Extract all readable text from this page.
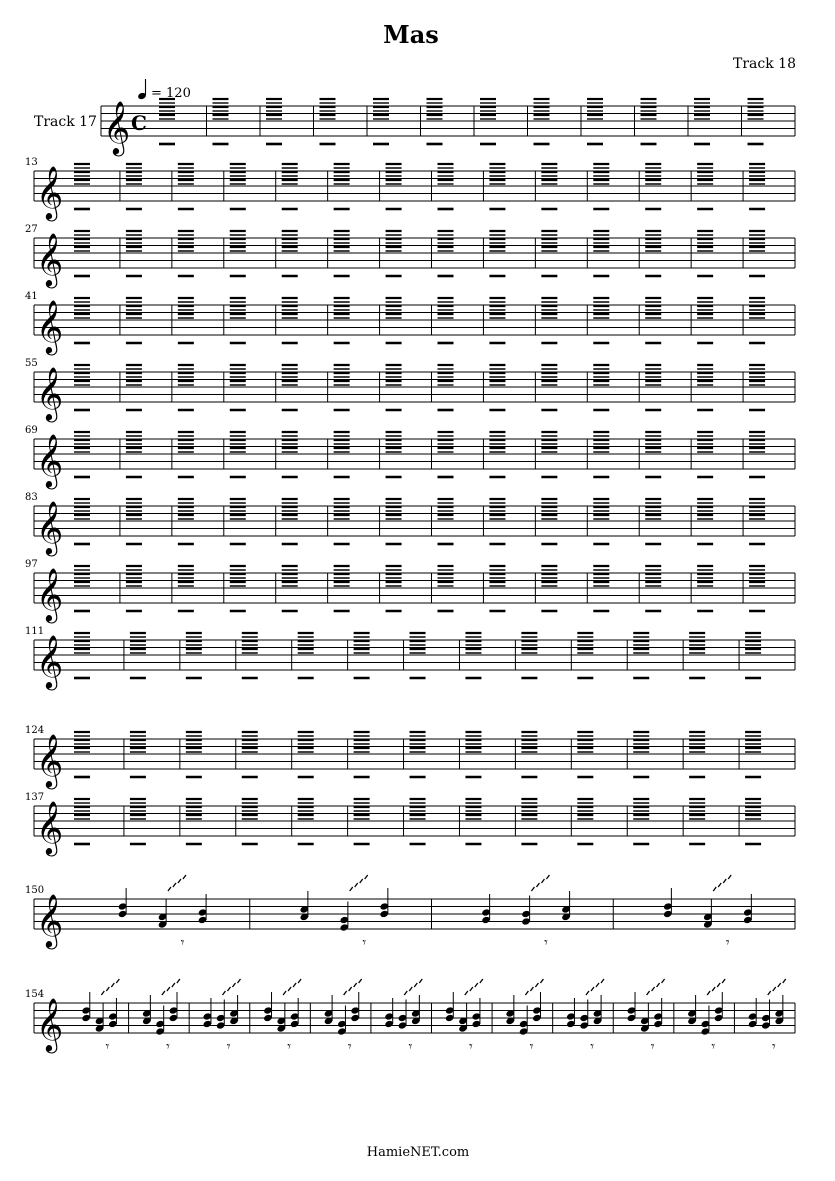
Mas
Track 18
= 120
Track 17 𝄞 C
𝄞
13
𝄞
27
𝄞
41
𝄞
55
𝄞
69
𝄞
83
𝄞
97
𝄞
111
𝄞
124
𝄞
137
𝄞
150
𝄾	𝄾	𝄾	𝄾
𝄞
154
𝄾	𝄾	𝄾	𝄾	𝄾	𝄾	𝄾	𝄾	𝄾	𝄾	𝄾	𝄾
HamieNET.com
